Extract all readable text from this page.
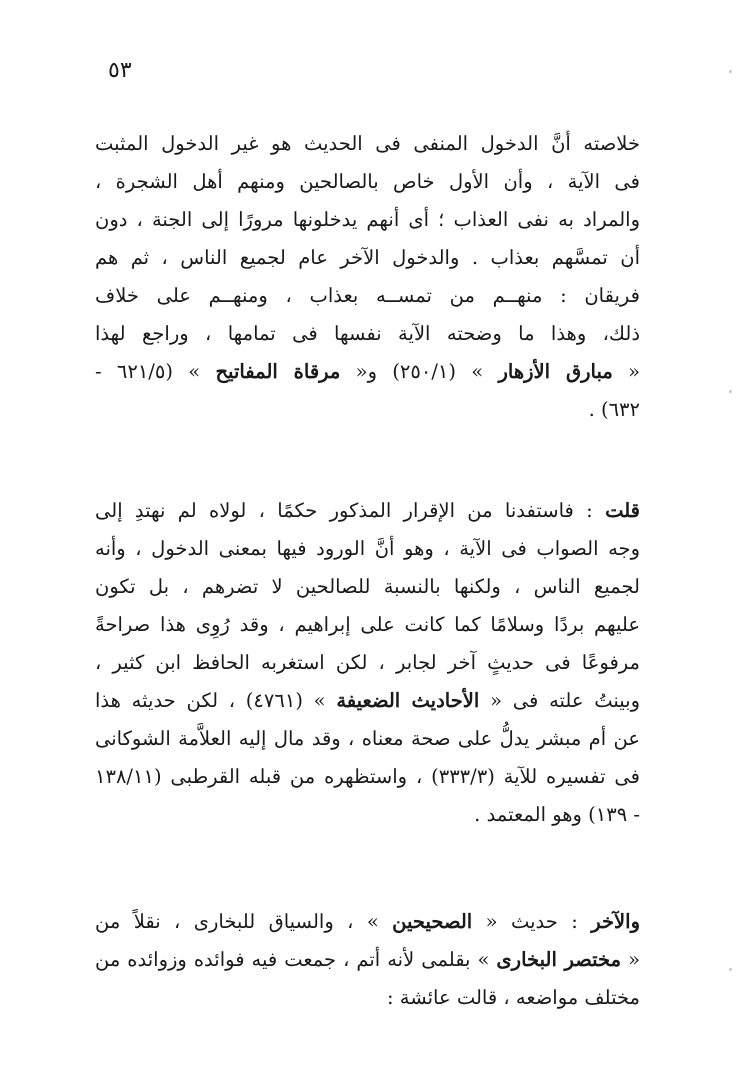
٥٣
خلاصته أنَّ الدخول المنفى فى الحديث هو غير الدخول المثبت
فى الآية ، وأن الأول خاص بالصالحين ومنهم أهل الشجرة ،
والمراد به نفى العذاب ؛ أى أنهم يدخلونها مرورًا إلى الجنة ، دون
أن تمسَّهم بعذاب . والدخول الآخر عام لجميع الناس ، ثم هم
فريقان : منهــم من تمســه بعذاب ، ومنهــم على خلاف
ذلك، وهذا ما وضحته الآية نفسها فى تمامها ، وراجع لهذا
« مبارق الأزهار » (٢٥٠/١) و« مرقاة المفاتيح » (٦٢١/٥ -
٦٣٢) .
قلت : فاستفدنا من الإقرار المذكور حكمًا ، لولاه لم نهتدِ إلى
وجه الصواب فى الآية ، وهو أنَّ الورود فيها بمعنى الدخول ، وأنه
لجميع الناس ، ولكنها بالنسبة للصالحين لا تضرهم ، بل تكون
عليهم بردًا وسلامًا كما كانت على إبراهيم ، وقد رُوِى هذا صراحةً
مرفوعًا فى حديثٍ آخر لجابر ، لكن استغربه الحافظ ابن كثير ،
وبينتُ علته فى « الأحاديث الضعيفة » (٤٧٦١) ، لكن حديثه هذا
عن أم مبشر يدلُّ على صحة معناه ، وقد مال إليه العلاَّمة الشوكانى
فى تفسيره للآية (٣٣٣/٣) ، واستظهره من قبله القرطبى (١٣٨/١١
- ١٣٩) وهو المعتمد .
والآخر : حديث « الصحيحين » ، والسياق للبخارى ، نقلاً من
« مختصر البخارى » بقلمى لأنه أتم ، جمعت فيه فوائده وزوائده من
مختلف مواضعه ، قالت عائشة :
